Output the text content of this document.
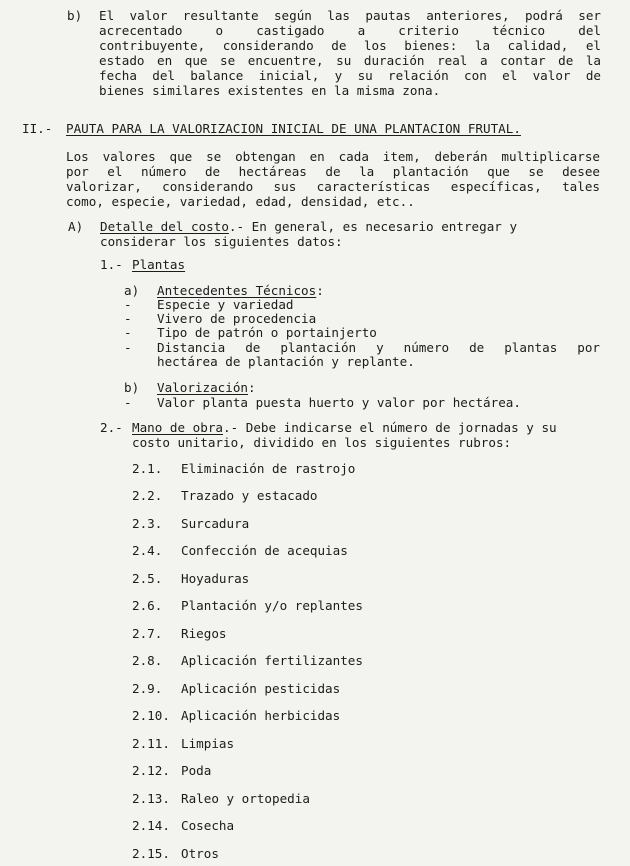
b) El valor resultante según las pautas anteriores, podrá ser
acrecentado o castigado a criterio técnico del
contribuyente, considerando de los bienes: la calidad, el
estado en que se encuentre, su duración real a contar de la
fecha del balance inicial, y su relación con el valor de
bienes similares existentes en la misma zona.
II.- PAUTA PARA LA VALORIZACION INICIAL DE UNA PLANTACION FRUTAL.
Los valores que se obtengan en cada item, deberán multiplicarse
por el número de hectáreas de la plantación que se desee
valorizar, considerando sus características específicas, tales
como, especie, variedad, edad, densidad, etc..
A) Detalle del costo.- En general, es necesario entregar y
considerar los siguientes datos:
1.- Plantas
a) Antecedentes Técnicos:
- Especie y variedad
- Vivero de procedencia
- Tipo de patrón o portainjerto
- Distancia de plantación y número de plantas por
hectárea de plantación y replante.
b) Valorización:
- Valor planta puesta huerto y valor por hectárea.
2.- Mano de obra.- Debe indicarse el número de jornadas y su
costo unitario, dividido en los siguientes rubros:
2.1. Eliminación de rastrojo
2.2. Trazado y estacado
2.3. Surcadura
2.4. Confección de acequias
2.5. Hoyaduras
2.6. Plantación y/o replantes
2.7. Riegos
2.8. Aplicación fertilizantes
2.9. Aplicación pesticidas
2.10. Aplicación herbicidas
2.11. Limpias
2.12. Poda
2.13. Raleo y ortopedia
2.14. Cosecha
2.15. Otros
